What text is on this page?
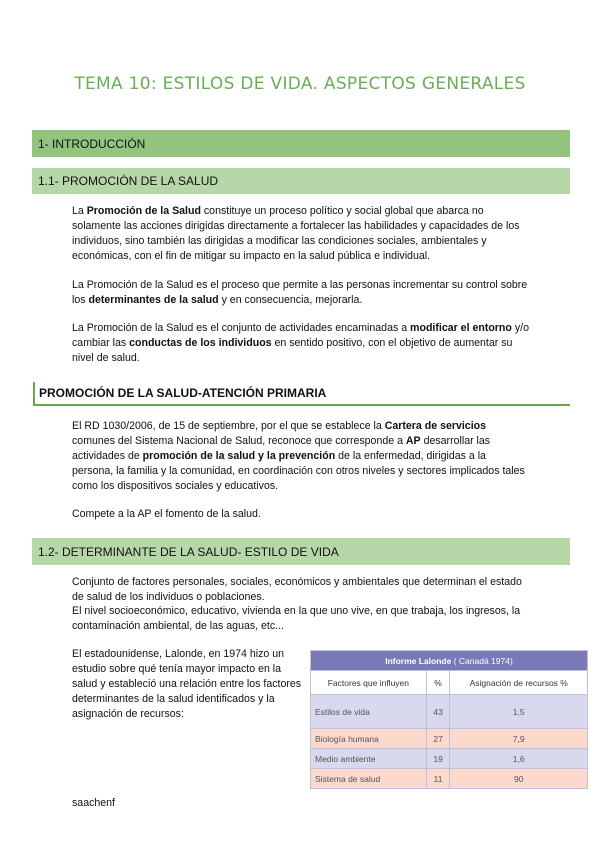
TEMA 10: ESTILOS DE VIDA. ASPECTOS GENERALES
1- INTRODUCCIÓN
1.1- PROMOCIÓN DE LA SALUD
La Promoción de la Salud constituye un proceso político y social global que abarca no solamente las acciones dirigidas directamente a fortalecer las habilidades y capacidades de los individuos, sino también las dirigidas a modificar las condiciones sociales, ambientales y económicas, con el fin de mitigar su impacto en la salud pública e individual.
La Promoción de la Salud es el proceso que permite a las personas incrementar su control sobre los determinantes de la salud y en consecuencia, mejorarla.
La Promoción de la Salud es el conjunto de actividades encaminadas a modificar el entorno y/o cambiar las conductas de los individuos en sentido positivo, con el objetivo de aumentar su nivel de salud.
PROMOCIÓN DE LA SALUD-ATENCIÓN PRIMARIA
El RD 1030/2006, de 15 de septiembre, por el que se establece la Cartera de servicios comunes del Sistema Nacional de Salud, reconoce que corresponde a AP desarrollar las actividades de promoción de la salud y la prevención de la enfermedad, dirigidas a la persona, la familia y la comunidad, en coordinación con otros niveles y sectores implicados tales como los dispositivos sociales y educativos.
Compete a la AP el fomento de la salud.
1.2- DETERMINANTE DE LA SALUD- ESTILO DE VIDA
Conjunto de factores personales, sociales, económicos y ambientales que determinan el estado de salud de los individuos o poblaciones.
El nivel socioeconómico, educativo, vivienda en la que uno vive, en que trabaja, los ingresos, la contaminación ambiental, de las aguas, etc...
El estadounidense, Lalonde, en 1974 hizo un estudio sobre qué tenía mayor impacto en la salud y estableció una relación entre los factores determinantes de la salud identificados y la asignación de recursos:
Informe Lalonde ( Canadá 1974)		
Factores que influyen	%	Asignación de recursos %
Estilos de vida	43	1,5
Biología humana	27	7,9
Medio ambiente	19	1,6
Sistema de salud	11	90
saachenf
